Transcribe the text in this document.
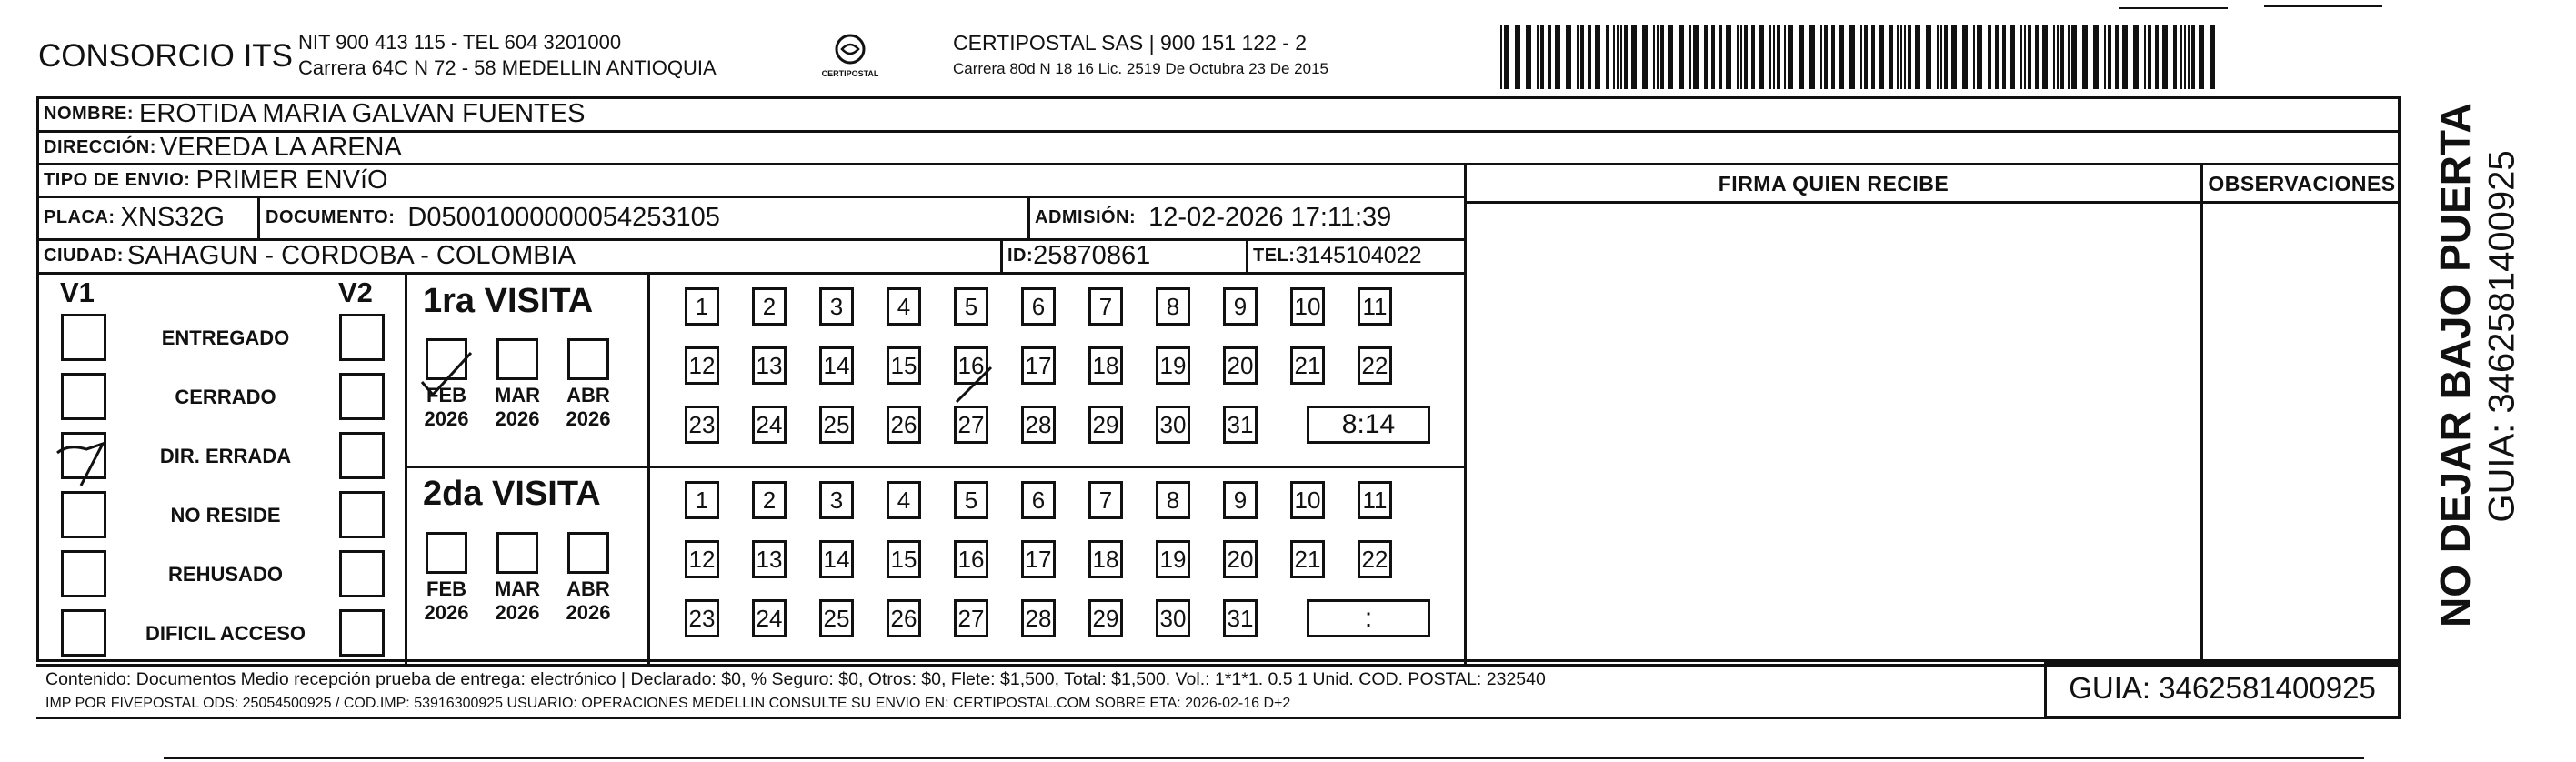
CONSORCIO ITS NIT 900 413 115 - TEL 604 3201000
Carrera 64C N 72 - 58 MEDELLIN ANTIOQUIA	CERTIPOSTAL
CERTIPOSTAL SAS | 900 151 122 - 2
Carrera 80d N 18 16 Lic. 2519 De Octubra 23 De 2015
NOMBRE: EROTIDA MARIA GALVAN FUENTES
DIRECCIÓN: VEREDA LA ARENA
TIPO DE ENVIO: PRIMER ENVíO
PLACA: XNS32G DOCUMENTO: D05001000000054253105	ADMISIÓN: 12-02-2026 17:11:39
CIUDAD: SAHAGUN - CORDOBA - COLOMBIA	ID: 25870861	TEL: 3145104022
FIRMA QUIEN RECIBE	OBSERVACIONES
V1	V2
ENTREGADO
CERRADO
DIR. ERRADA
NO RESIDE
REHUSADO
DIFICIL ACCESO
1ra VISITA
2da VISITA
FEB
2026
MAR
2026
ABR
2026
1	2	3	4	5	6	7	8	9	10 11
12 13 14 15 16 17 18 19 20 21 22
23 24 25 26 27 28 29 30 31	8:14
FEB
2026
MAR
2026
ABR
2026
1	2	3	4	5	6	7	8	9	10 11
12 13 14 15 16 17 18 19 20 21 22
23 24 25 26 27 28 29 30 31	:
Contenido: Documentos Medio recepción prueba de entrega: electrónico | Declarado: $0, % Seguro: $0, Otros: $0, Flete: $1,500, Total: $1,500. Vol.: 1*1*1. 0.5 1 Unid. COD. POSTAL: 232540
IMP POR FIVEPOSTAL ODS: 25054500925 / COD.IMP: 53916300925 USUARIO: OPERACIONES MEDELLIN CONSULTE SU ENVIO EN: CERTIPOSTAL.COM SOBRE ETA: 2026-02-16 D+2	GUIA: 3462581400925
NO DEJAR BAJO PUERTA GUIA: 3462581400925
